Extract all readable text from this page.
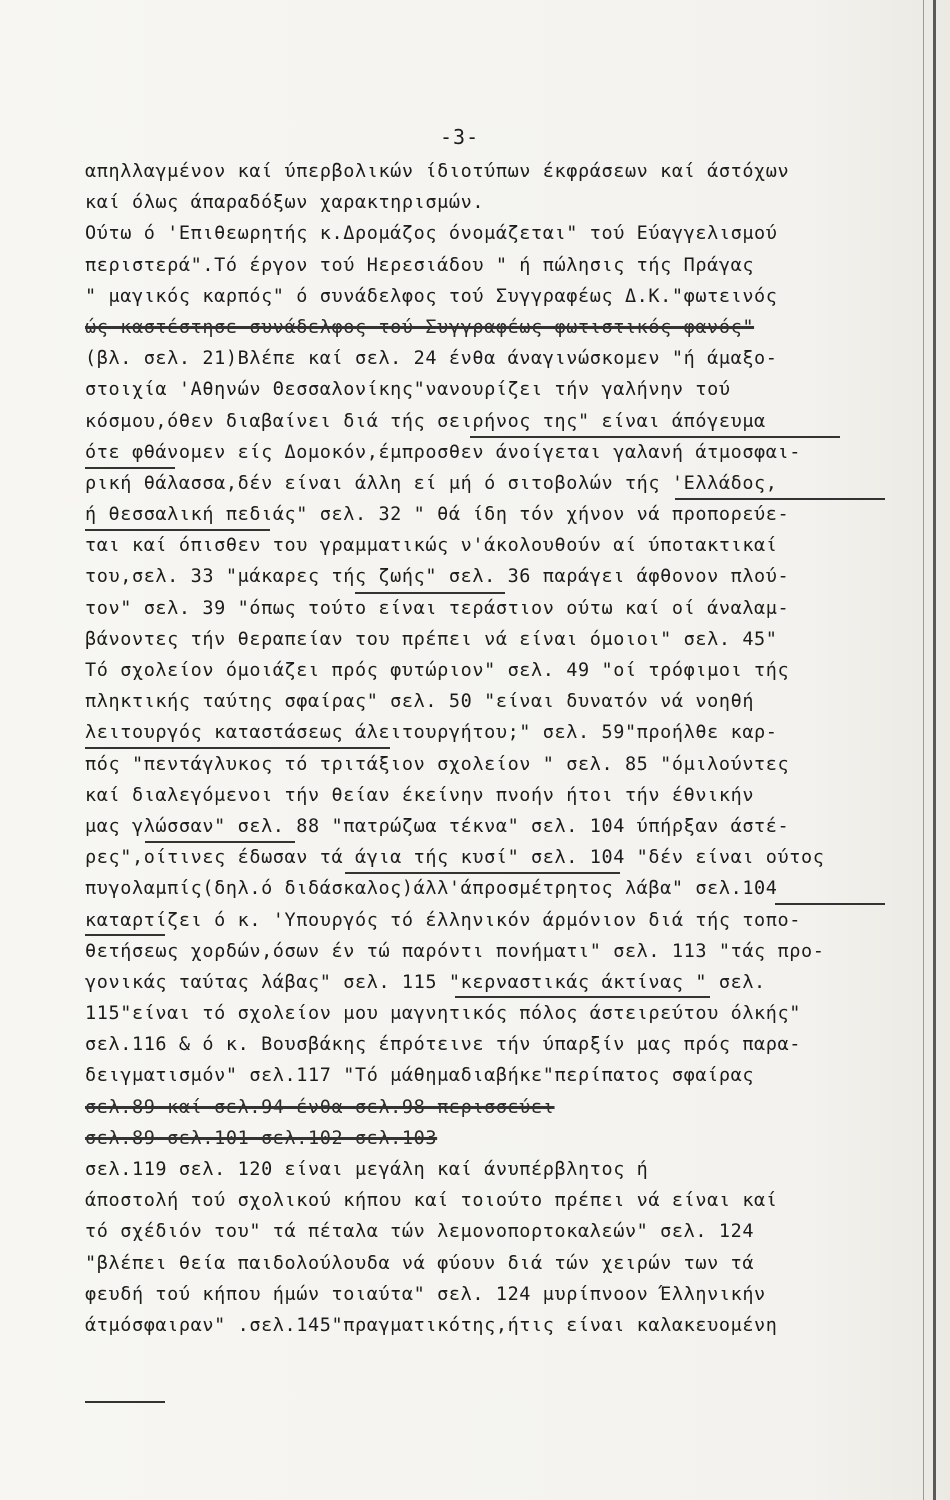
-3-
απηλλαγμένον καί ύπερβολικών ίδιοτύπων έκφράσεων καί άστόχων
καί όλως άπαραδόξων χαρακτηρισμών.
Ούτω ό 'Επιθεωρητής κ.Δρομάζος όνομάζεται" τού Εύαγγελισμού
περιστερά".Τό έργον τού Ηερεσιάδου " ή πώλησις τής Πράγας
" μαγικός καρπός" ό συνάδελφος τού Συγγραφέως Δ.Κ."φωτεινός
ώς καστέστησε συνάδελφος τού Συγγραφέως φωτιστικός φανός"
(βλ. σελ. 21)Βλέπε καί σελ. 24 ένθα άναγινώσκομεν "ή άμαξο-
στοιχία 'Αθηνών Θεσσαλονίκης"νανουρίζει τήν γαλήνην τού
κόσμου,όθεν διαβαίνει διά τής σειρήνος της" είναι άπόγευμα
ότε φθάνομεν είς Δομοκόν,έμπροσθεν άνοίγεται γαλανή άτμοσφαι-
ρική θάλασσα,δέν είναι άλλη εί μή ό σιτοβολών τής 'Ελλάδος,
ή θεσσαλική πεδιάς" σελ. 32 " θά ίδη τόν χήνον νά προπορεύε-
ται καί όπισθεν του γραμματικώς ν'άκολουθούν αί ύποτακτικαί
του,σελ. 33 "μάκαρες τής ζωής" σελ. 36 παράγει άφθονον πλού-
τον" σελ. 39 "όπως τούτο είναι τεράστιον ούτω καί οί άναλαμ-
βάνοντες τήν θεραπείαν του πρέπει νά είναι όμοιοι" σελ. 45"
Τό σχολείον όμοιάζει πρός φυτώριον" σελ. 49 "οί τρόφιμοι τής
πληκτικής ταύτης σφαίρας" σελ. 50 "είναι δυνατόν νά νοηθή
λειτουργός καταστάσεως άλειτουργήτου;" σελ. 59"προήλθε καρ-
πός "πεντάγλυκος τό τριτάξιον σχολείον " σελ. 85 "όμιλούντες
καί διαλεγόμενοι τήν θείαν έκείνην πνοήν ήτοι τήν έθνικήν
μας γλώσσαν" σελ. 88 "πατρώζωα τέκνα" σελ. 104 ύπήρξαν άστέ-
ρες",οίτινες έδωσαν τά άγια τής κυσί" σελ. 104 "δέν είναι ούτος
πυγολαμπίς(δηλ.ό διδάσκαλος)άλλ'άπροσμέτρητος λάβα" σελ.104
καταρτίζει ό κ. 'Υπουργός τό έλληνικόν άρμόνιον διά τής τοπο-
θετήσεως χορδών,όσων έν τώ παρόντι πονήματι" σελ. 113 "τάς προ-
γονικάς ταύτας λάβας" σελ. 115 "κερναστικάς άκτίνας " σελ.
115"είναι τό σχολείον μου μαγνητικός πόλος άστειρεύτου όλκής"
σελ.116 & ό κ. Βουσβάκης έπρότεινε τήν ύπαρξίν μας πρός παρα-
δειγματισμόν" σελ.117 "Τό μάθημαδιαβήκε"περίπατος σφαίρας
σελ.89 καί σελ.94 ένθα σελ.98 περισσεύει
σελ.89 σελ.101 σελ.102 σελ.103
σελ.119 σελ. 120 είναι μεγάλη καί άνυπέρβλητος ή
άποστολή τού σχολικού κήπου καί τοιούτο πρέπει νά είναι καί
τό σχέδιόν του" τά πέταλα τών λεμονοπορτοκαλεών" σελ. 124
"βλέπει θεία παιδολούλουδα νά φύουν διά τών χειρών των τά
φευδή τού κήπου ήμών τοιαύτα" σελ. 124 μυρίπνοον Έλληνικήν
άτμόσφαιραν" .σελ.145"πραγματικότης,ήτις είναι καλακευομένη
